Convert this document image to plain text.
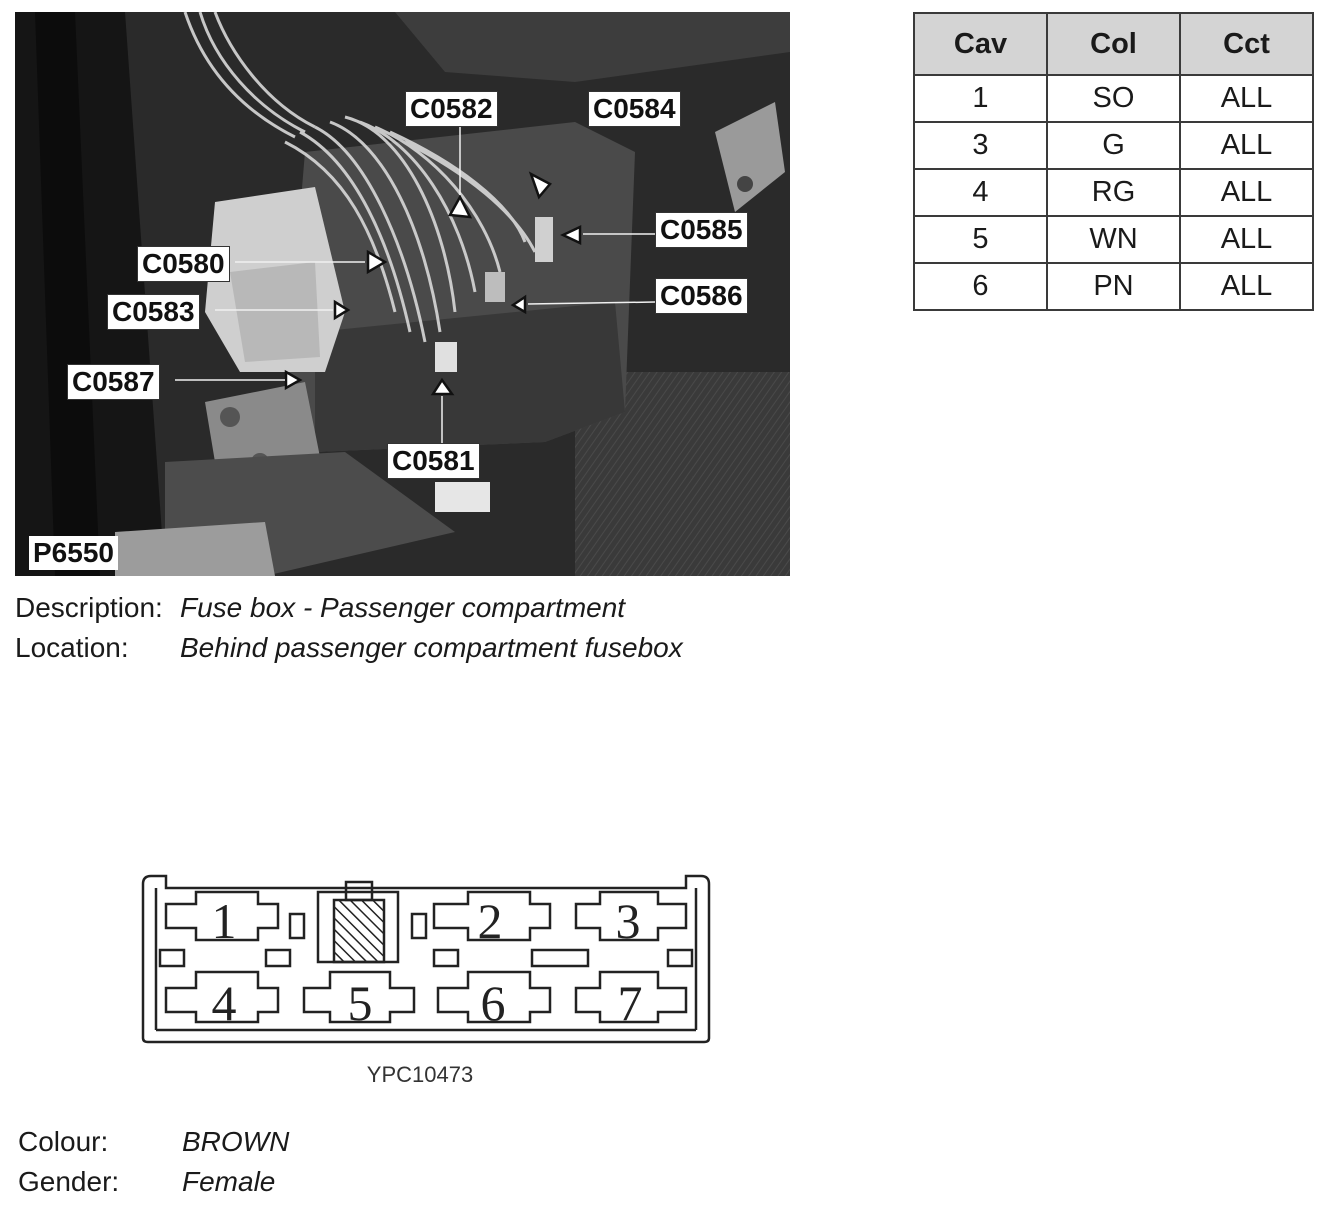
C0582	C0584
C0585
C0580
C0586
C0583
C0587
C0581
P6550
Cav	Col	Cct
1	SO	ALL
3	G	ALL
4	RG	ALL
5	WN	ALL
6	PN	ALL
Description: Fuse box - Passenger compartment
Location:	Behind passenger compartment fusebox
1	2 3
4 5 6 7
YPC10473
Colour:	BROWN
Gender:	Female
